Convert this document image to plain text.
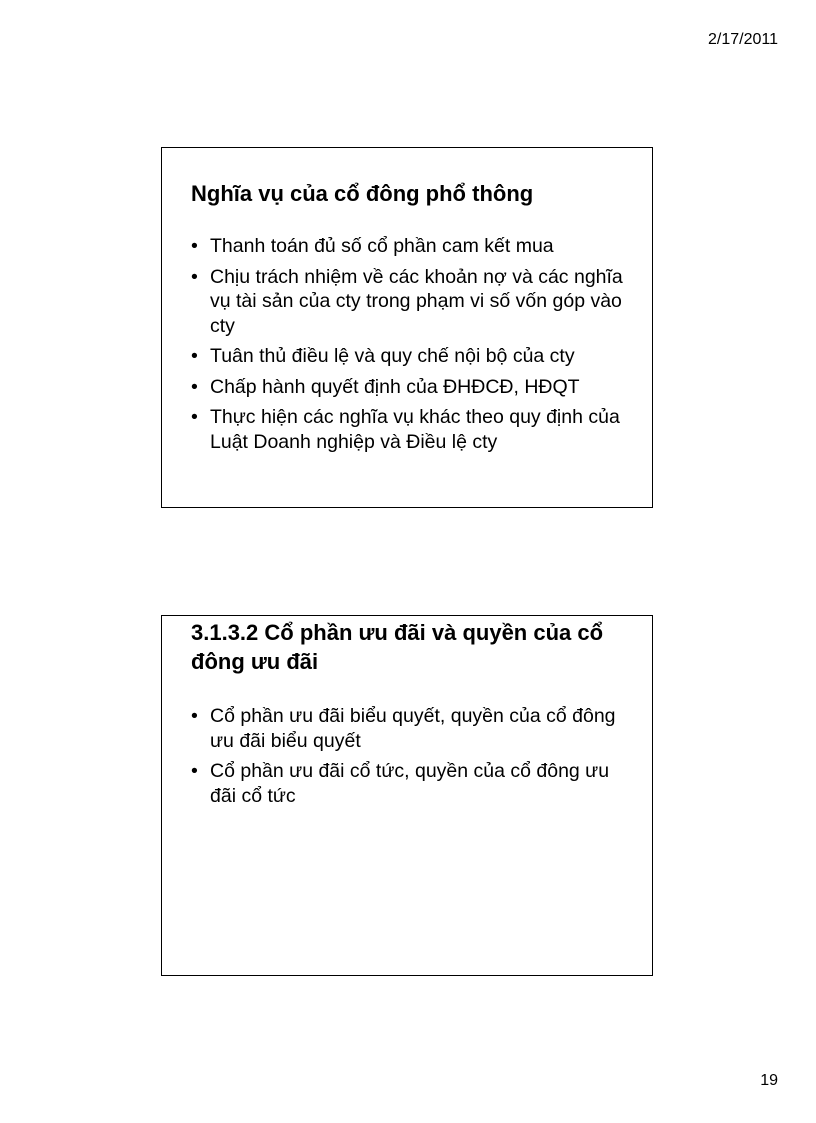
2/17/2011
Nghĩa vụ của cổ đông phổ thông
• Thanh toán đủ số cổ phần cam kết mua
• Chịu trách nhiệm về các khoản nợ và các nghĩa vụ tài sản của cty trong phạm vi số vốn góp vào cty
• Tuân thủ điều lệ và quy chế nội bộ của cty
• Chấp hành quyết định của ĐHĐCĐ, HĐQT
• Thực hiện các nghĩa vụ khác theo quy định của Luật Doanh nghiệp và Điều lệ cty
3.1.3.2 Cổ phần ưu đãi và quyền của cổ đông ưu đãi
• Cổ phần ưu đãi biểu quyết, quyền của cổ đông ưu đãi biểu quyết
• Cổ phần ưu đãi cổ tức, quyền của cổ đông ưu đãi cổ tức
19
